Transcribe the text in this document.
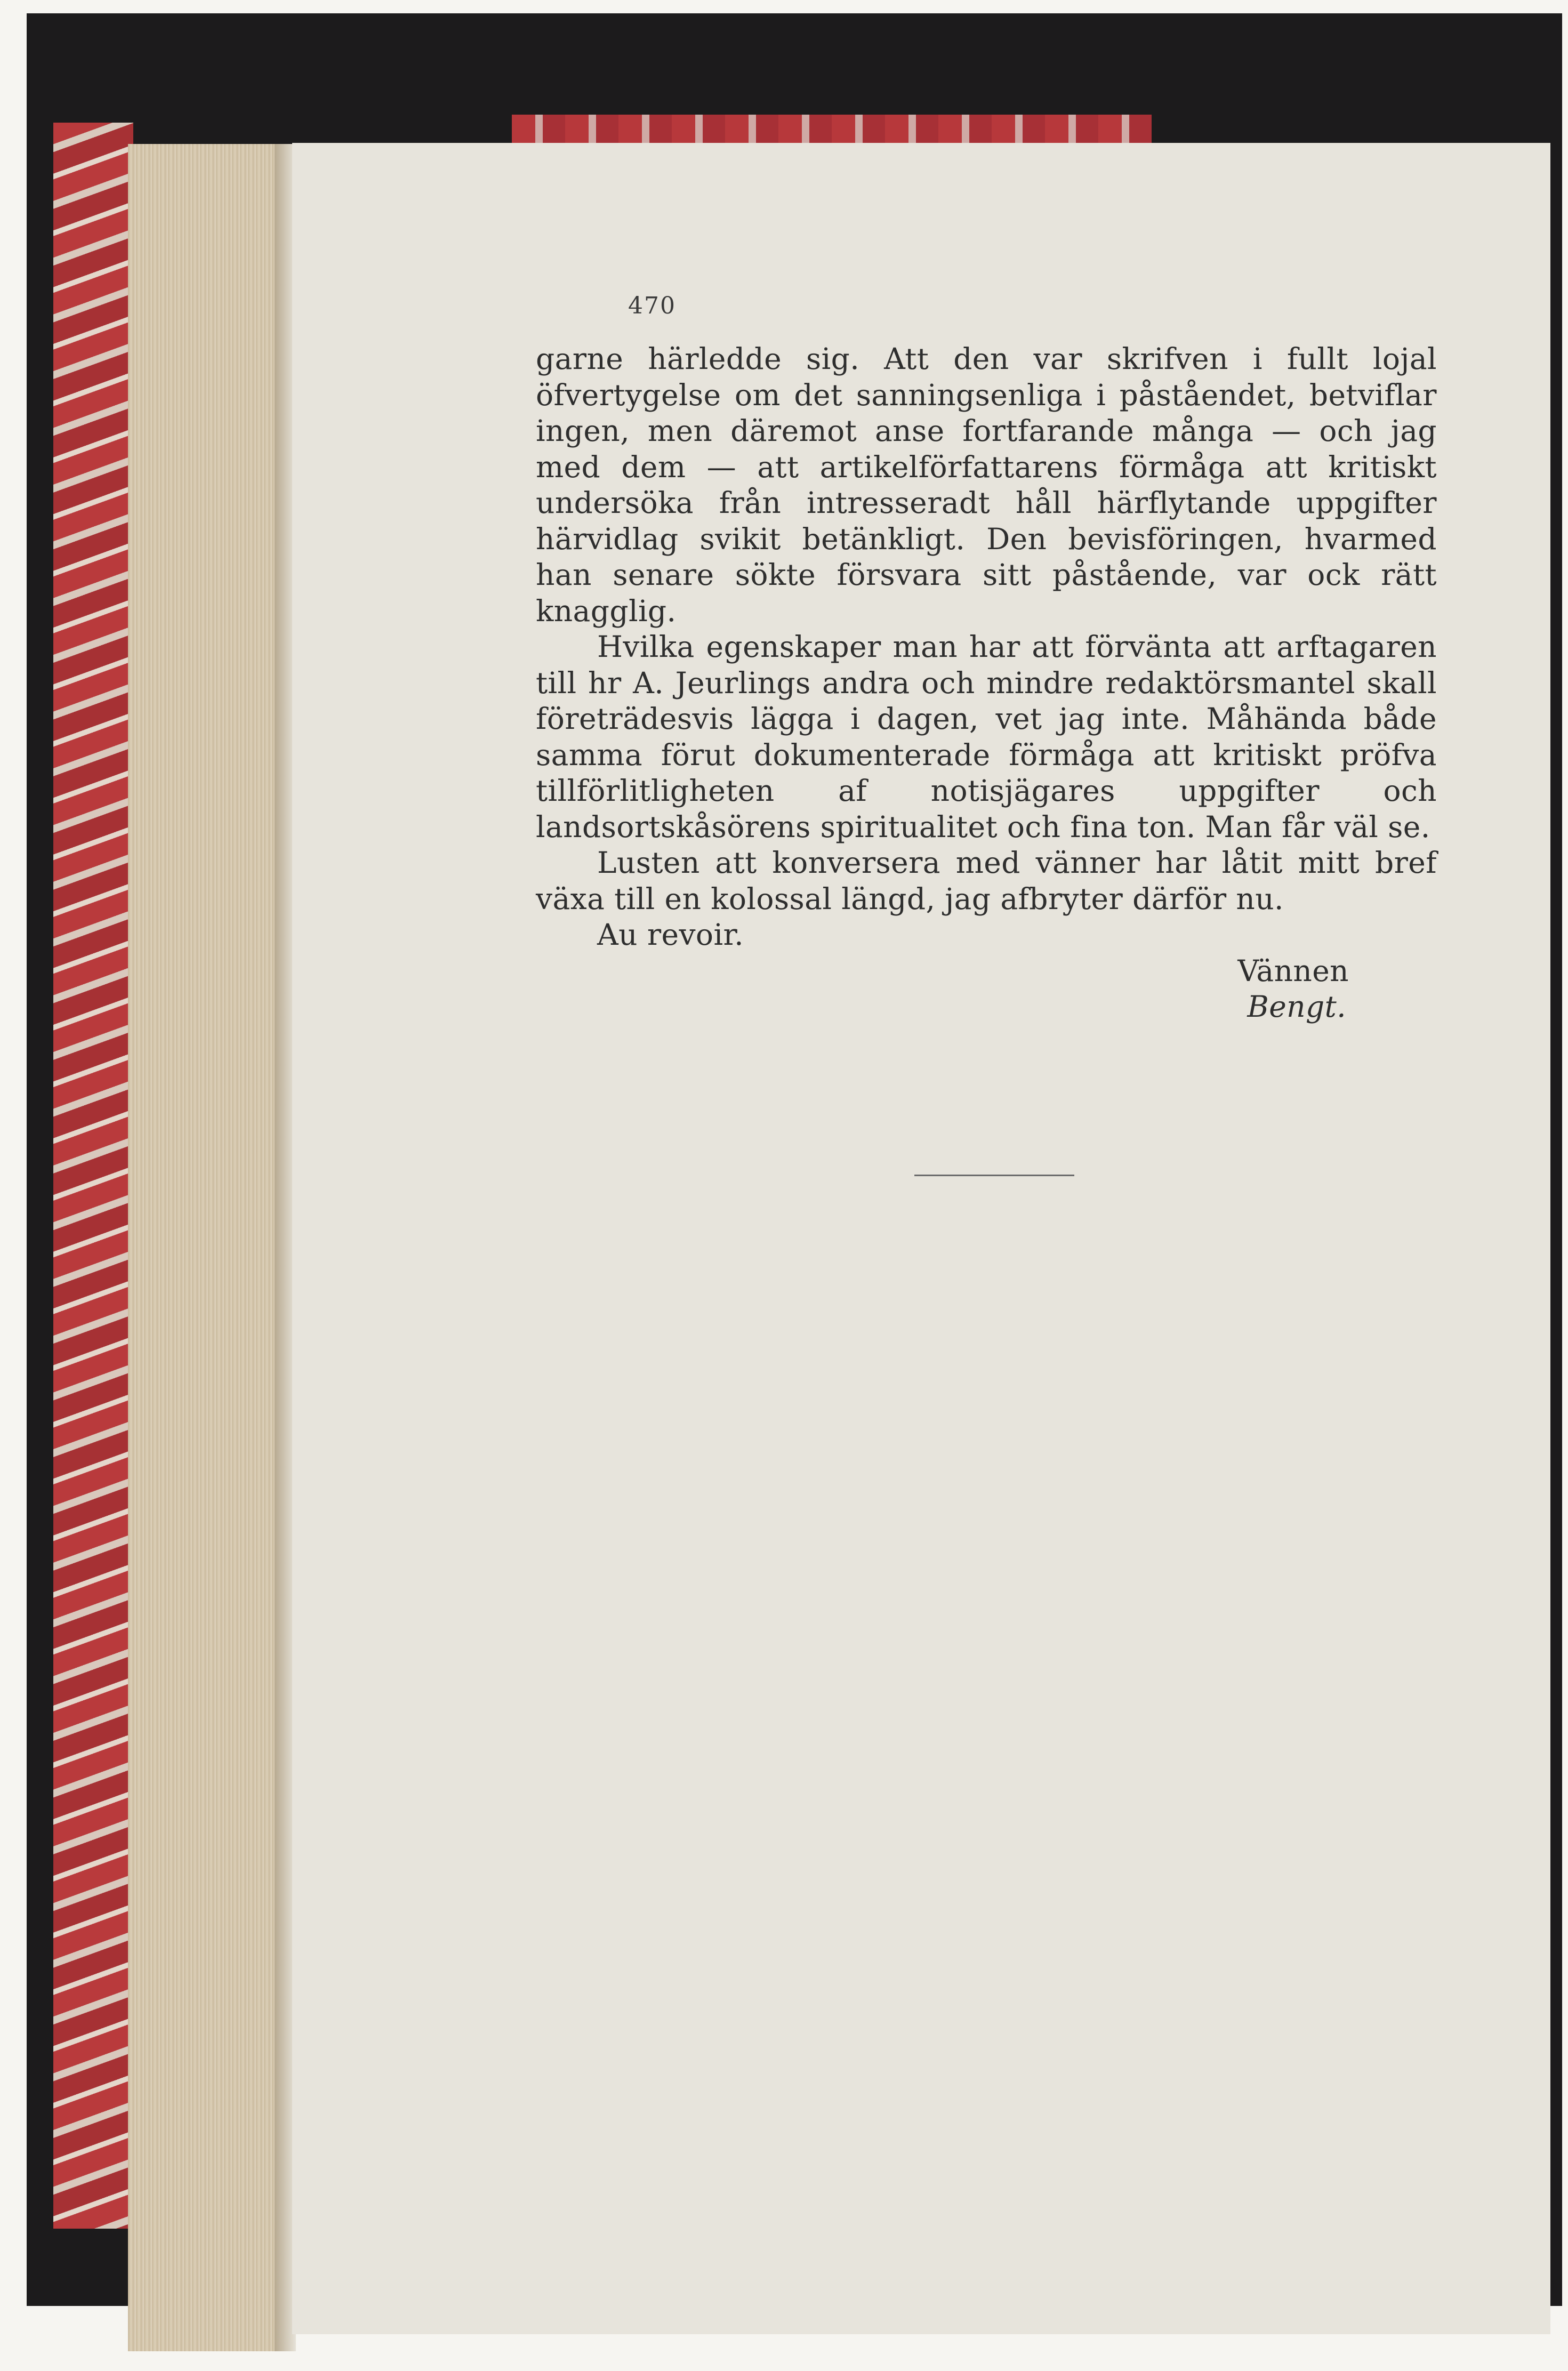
470

garne härledde sig. Att den var skrifven i fullt lojal öfvertygelse om det sanningsenliga i påståendet, betviflar ingen, men däremot anse fortfarande många — och jag med dem — att artikelförfattarens förmåga att kritiskt undersöka från intresseradt håll härflytande uppgifter härvidlag svikit betänkligt. Den bevisföringen, hvarmed han senare sökte försvara sitt påstående, var ock rätt knagglig.

Hvilka egenskaper man har att förvänta att arftagaren till hr A. Jeurlings andra och mindre redaktörsmantel skall företrädesvis lägga i dagen, vet jag inte. Måhända både samma förut dokumenterade förmåga att kritiskt pröfva tillförlitligheten af notisjägares uppgifter och landsortskåsörens spiritualitet och fina ton. Man får väl se.

Lusten att konversera med vänner har låtit mitt bref växa till en kolossal längd, jag afbryter därför nu.

Au revoir.

Vännen

Bengt.
